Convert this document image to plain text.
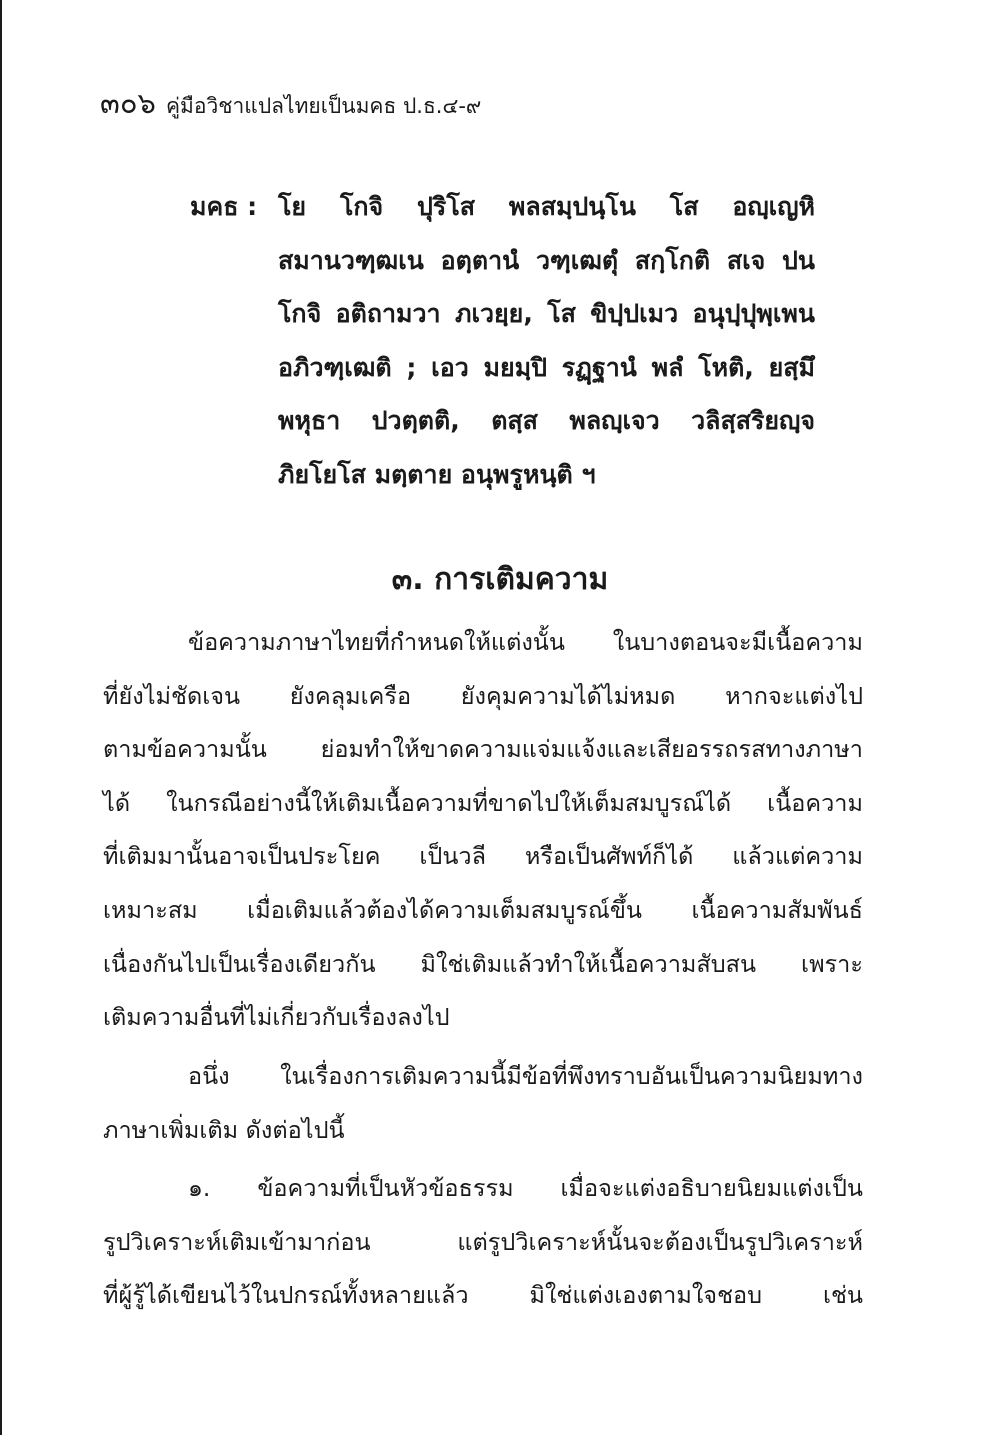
๓๐๖ คู่มือวิชาแปลไทยเป็นมคธ ป.ธ.๔-๙
มคธ : โย โกจิ ปุริโส พลสมฺปนฺโน โส อญฺเญหิ
สมานวฑฺฒเน อตฺตานํ วฑฺเฒตุํ สกฺโกติ สเจ ปน
โกจิ อติถามวา ภเวยฺย, โส ขิปฺปเมว อนุปฺปุพฺเพน
อภิวฑฺเฒติ ; เอว มยมฺปิ รฏฺฐานํ พลํ โหติ, ยสฺมึ
พหุธา ปวตฺตติ, ตสฺส พลญฺเจว วลิสฺสริยญฺจ
ภิยโยโส มตฺตาย อนุพรูหนฺติ ฯ
๓. การเติมความ
ข้อความภาษาไทยที่กำหนดให้แต่งนั้น ในบางตอนจะมีเนื้อความ
ที่ยังไม่ชัดเจน ยังคลุมเครือ ยังคุมความได้ไม่หมด หากจะแต่งไป
ตามข้อความนั้น ย่อมทำให้ขาดความแจ่มแจ้งและเสียอรรถรสทางภาษา
ได้ ในกรณีอย่างนี้ให้เติมเนื้อความที่ขาดไปให้เต็มสมบูรณ์ได้ เนื้อความ
ที่เติมมานั้นอาจเป็นประโยค เป็นวลี หรือเป็นศัพท์ก็ได้ แล้วแต่ความ
เหมาะสม เมื่อเติมแล้วต้องได้ความเต็มสมบูรณ์ขึ้น เนื้อความสัมพันธ์
เนื่องกันไปเป็นเรื่องเดียวกัน มิใช่เติมแล้วทำให้เนื้อความสับสน เพราะ
เติมความอื่นที่ไม่เกี่ยวกับเรื่องลงไป
อนึ่ง ในเรื่องการเติมความนี้มีข้อที่พึงทราบอันเป็นความนิยมทาง
ภาษาเพิ่มเติม ดังต่อไปนี้
๑. ข้อความที่เป็นหัวข้อธรรม เมื่อจะแต่งอธิบายนิยมแต่งเป็น
รูปวิเคราะห์เติมเข้ามาก่อน แต่รูปวิเคราะห์นั้นจะต้องเป็นรูปวิเคราะห์
ที่ผู้รู้ได้เขียนไว้ในปกรณ์ทั้งหลายแล้ว มิใช่แต่งเองตามใจชอบ เช่น
